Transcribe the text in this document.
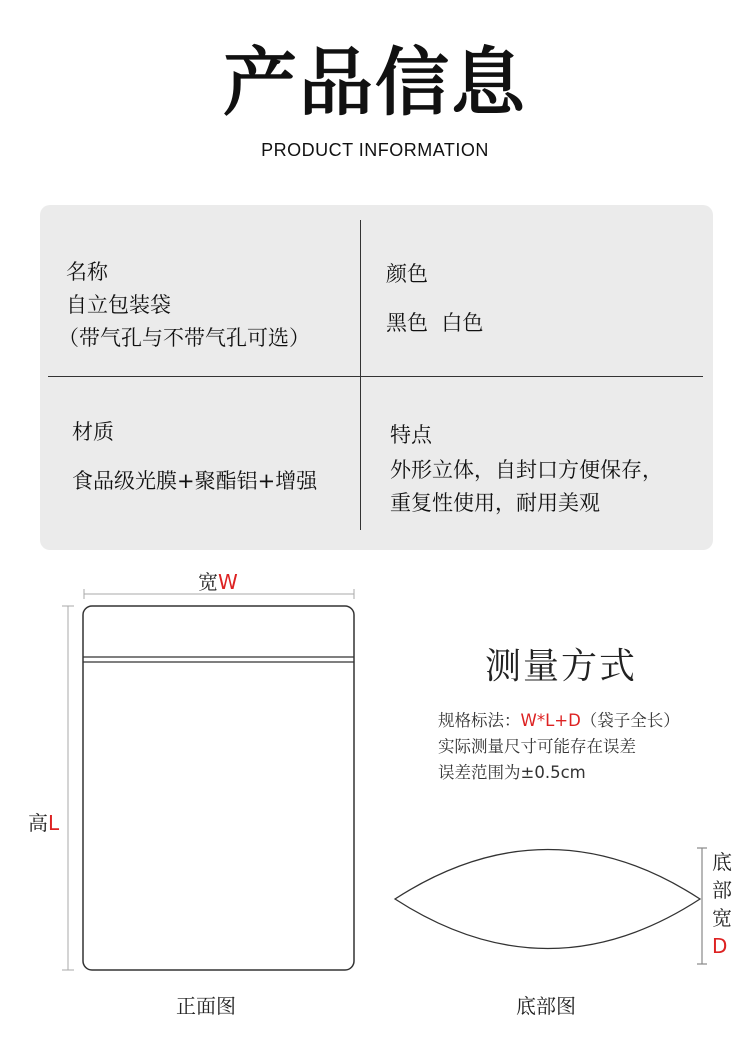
产品信息
PRODUCT INFORMATION
名称
自立包装袋
（带气孔与不带气孔可选）
颜色
黑色  白色
材质
食品级光膜+聚酯铝+增强
特点
外形立体，自封口方便保存，
重复性使用，耐用美观
宽W
高L
正面图
测量方式
规格标法：W*L+D（袋子全长）
实际测量尺寸可能存在误差
误差范围为±0.5cm
底
部
宽
D
底部图
